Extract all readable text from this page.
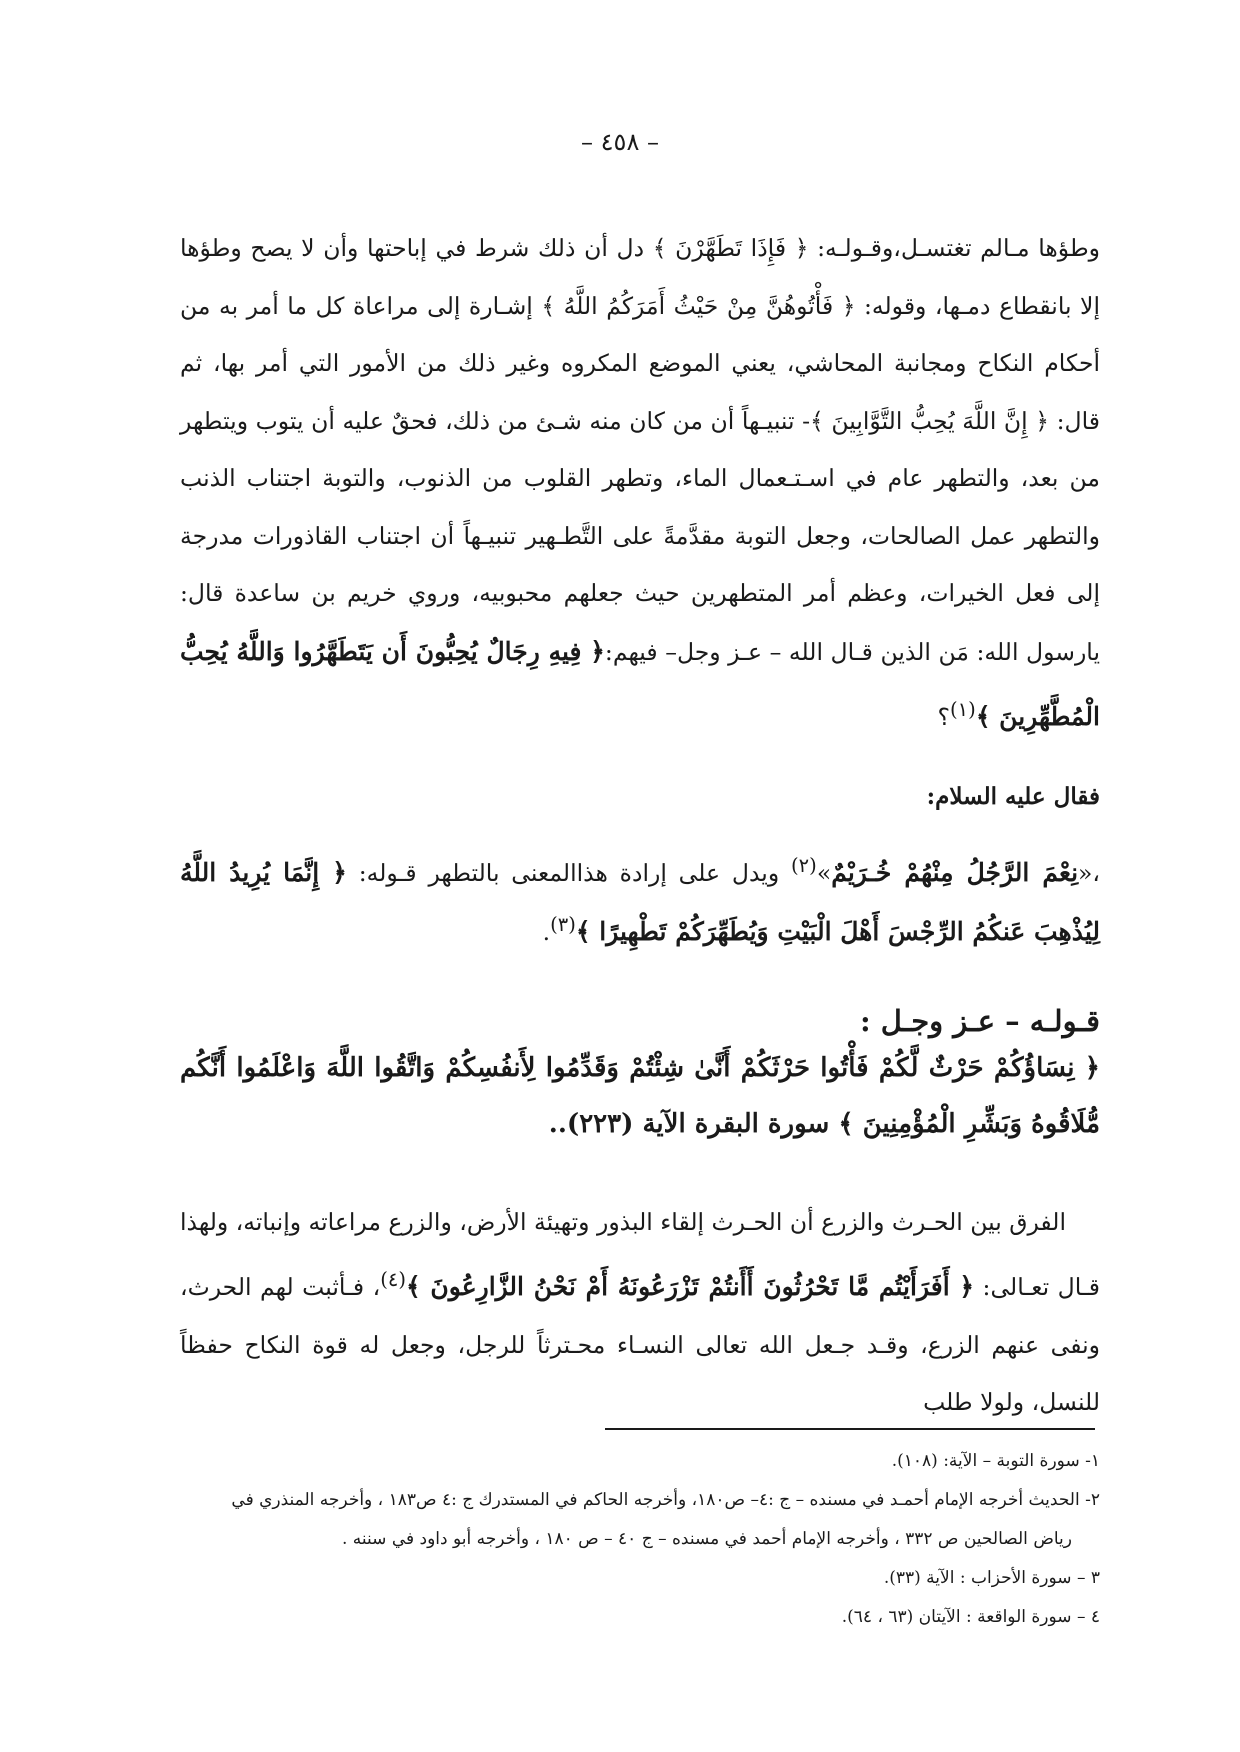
– ٤٥٨ –

وطؤها مـالم تغتسـل،وقـولـه: ﴿ فَإِذَا تَطَهَّرْنَ ﴾ دل أن ذلك شرط في إباحتها وأن لا يصح وطؤها إلا بانقطاع دمـها، وقوله: ﴿ فَأْتُوهُنَّ مِنْ حَيْثُ أَمَرَكُمُ اللَّهُ ﴾ إشـارة إلى مراعاة كل ما أمر به من أحكام النكاح ومجانبة المحاشي، يعني الموضع المكروه وغير ذلك من الأمور التي أمر بها، ثم قال: ﴿ إِنَّ اللَّهَ يُحِبُّ التَّوَّابِينَ ﴾- تنبيـهاً أن من كان منه شـئ من ذلك، فحقٌ عليه أن يتوب ويتطهر من بعد، والتطهر عام في اسـتـعمال الماء، وتطهر القلوب من الذنوب، والتوبة اجتناب الذنب والتطهر عمل الصالحات، وجعل التوبة مقدَّمةً على التَّطـهير تنبيـهاً أن اجتناب القاذورات مدرجة إلى فعل الخيرات، وعظم أمر المتطهرين حيث جعلهم محبوبيه، وروي خريم بن ساعدة قال: يارسول الله: مَن الذين قـال الله – عـز وجل– فيهم:﴿ فِيهِ رِجَالٌ يُحِبُّونَ أَن يَتَطَهَّرُوا وَاللَّهُ يُحِبُّ الْمُطَّهِّرِينَ ﴾$^{(١)}$؟

فقال عليه السلام:

،«نِعْمَ الرَّجُلُ مِنْهُمْ خُـرَيْمٌ»$^{(٢)}$ ويدل على إرادة هذاالمعنى بالتطهر قـوله: ﴿ إِنَّمَا يُرِيدُ اللَّهُ لِيُذْهِبَ عَنكُمُ الرِّجْسَ أَهْلَ الْبَيْتِ وَيُطَهِّرَكُمْ تَطْهِيرًا ﴾$^{(٣)}$.

قـولـه – عـز وجـل :

﴿ نِسَاؤُكُمْ حَرْثٌ لَّكُمْ فَأْتُوا حَرْثَكُمْ أَنَّىٰ شِئْتُمْ وَقَدِّمُوا لِأَنفُسِكُمْ وَاتَّقُوا اللَّهَ وَاعْلَمُوا أَنَّكُم مُّلَاقُوهُ وَبَشِّرِ الْمُؤْمِنِينَ ﴾ سورة البقرة الآية (٢٢٣)..

الفرق بين الحـرث والزرع أن الحـرث إلقاء البذور وتهيئة الأرض، والزرع مراعاته وإنباته، ولهذا قـال تعـالى: ﴿ أَفَرَأَيْتُم مَّا تَحْرُثُونَ أَأَنتُمْ تَزْرَعُونَهُ أَمْ نَحْنُ الزَّارِعُونَ ﴾$^{(٤)}$، فـأثبت لهم الحرث، ونفى عنهم الزرع، وقـد جـعل الله تعالى النسـاء محـترثاً للرجل، وجعل له قوة النكاح حفظاً للنسل، ولولا طلب

١- سورة التوبة – الآية: (١٠٨).

٢- الحديث أخرجه الإمام أحمـد في مسنده – ج :٤– ص١٨٠، وأخرجه الحاكم في المستدرك ج :٤ ص١٨٣ ، وأخرجه المنذري في

رياض الصالحين ص ٣٣٢ ، وأخرجه الإمام أحمد في مسنده – ج ٤٠ – ص ١٨٠ ، وأخرجه أبو داود في سننه .

٣ – سورة الأحزاب : الآية (٣٣).

٤ – سورة الواقعة : الآيتان (٦٣ ، ٦٤).
